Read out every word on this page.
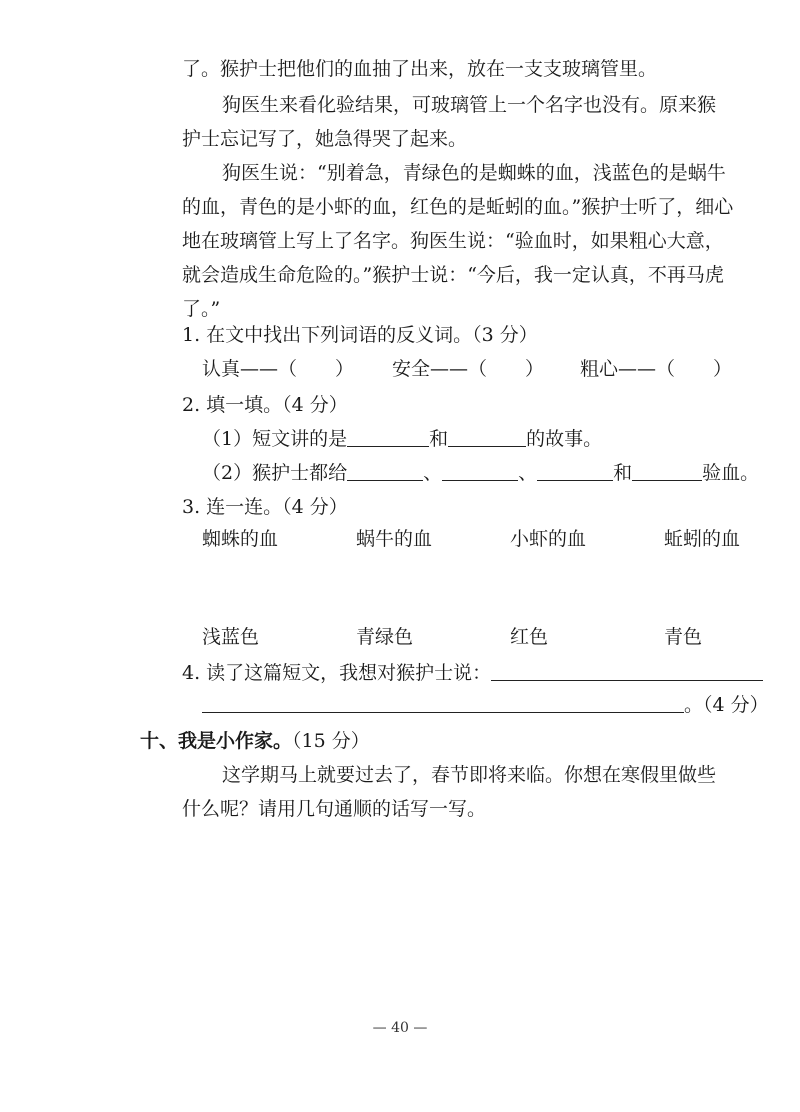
了。猴护士把他们的血抽了出来，放在一支支玻璃管里。
狗医生来看化验结果，可玻璃管上一个名字也没有。原来猴
护士忘记写了，她急得哭了起来。
狗医生说：“别着急，青绿色的是蜘蛛的血，浅蓝色的是蜗牛
的血，青色的是小虾的血，红色的是蚯蚓的血。”猴护士听了，细心
地在玻璃管上写上了名字。狗医生说：“验血时，如果粗心大意，
就会造成生命危险的。”猴护士说：“今后，我一定认真，不再马虎
了。”
1. 在文中找出下列词语的反义词。（3 分）
认真——（　　） 安全——（　　） 粗心——（　　）
2. 填一填。（4 分）
（1）短文讲的是	和	的故事。
（2）猴护士都给	、	、	和	验血。
3. 连一连。（4 分）
蜘蛛的血	蜗牛的血	小虾的血	蚯蚓的血
浅蓝色	青绿色	红色	青色
4. 读了这篇短文，我想对猴护士说：
。（4 分）
十、我是小作家。（15 分）
这学期马上就要过去了，春节即将来临。你想在寒假里做些
什么呢？请用几句通顺的话写一写。
— 40 —
